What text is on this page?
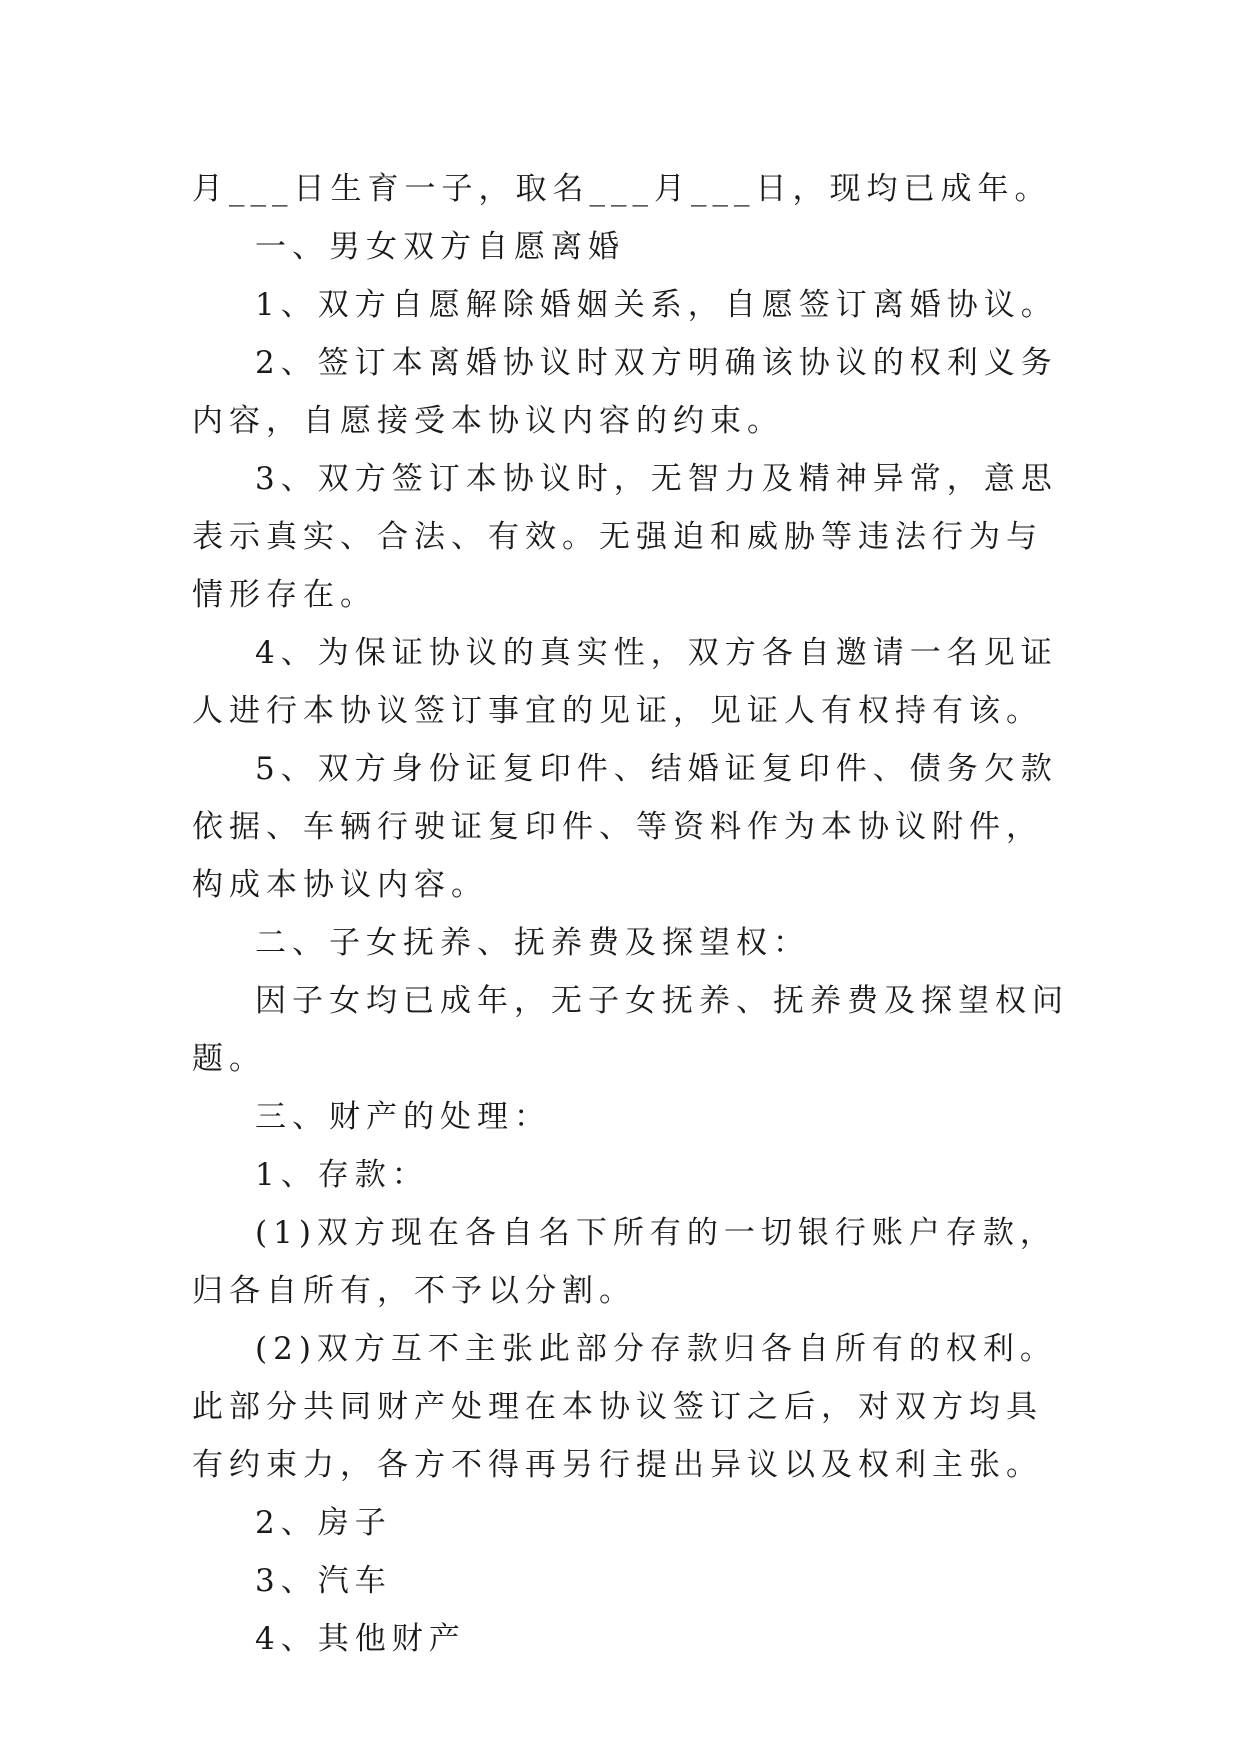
月___日生育一子，取名___月___日，现均已成年。

一、男女双方自愿离婚

1、双方自愿解除婚姻关系，自愿签订离婚协议。

2、签订本离婚协议时双方明确该协议的权利义务内容，自愿接受本协议内容的约束。

3、双方签订本协议时，无智力及精神异常，意思表示真实、合法、有效。无强迫和威胁等违法行为与情形存在。

4、为保证协议的真实性，双方各自邀请一名见证人进行本协议签订事宜的见证，见证人有权持有该。

5、双方身份证复印件、结婚证复印件、债务欠款依据、车辆行驶证复印件、等资料作为本协议附件，构成本协议内容。

二、子女抚养、抚养费及探望权：

因子女均已成年，无子女抚养、抚养费及探望权问题。

三、财产的处理：

1、存款：

(1)双方现在各自名下所有的一切银行账户存款，归各自所有，不予以分割。

(2)双方互不主张此部分存款归各自所有的权利。此部分共同财产处理在本协议签订之后，对双方均具有约束力，各方不得再另行提出异议以及权利主张。

2、房子

3、汽车

4、其他财产
